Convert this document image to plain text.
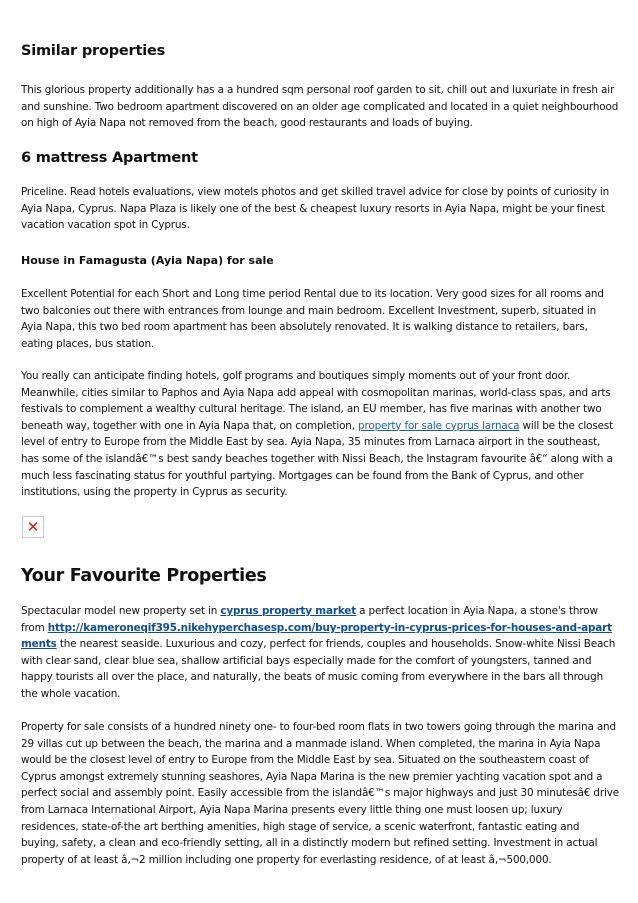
Similar properties

This glorious property additionally has a a hundred sqm personal roof garden to sit, chill out and luxuriate in fresh air and sunshine. Two bedroom apartment discovered on an older age complicated and located in a quiet neighbourhood on high of Ayia Napa not removed from the beach, good restaurants and loads of buying.

6 mattress Apartment

Priceline. Read hotels evaluations, view motels photos and get skilled travel advice for close by points of curiosity in Ayia Napa, Cyprus. Napa Plaza is likely one of the best & cheapest luxury resorts in Ayia Napa, might be your finest vacation vacation spot in Cyprus.

House in Famagusta (Ayia Napa) for sale

Excellent Potential for each Short and Long time period Rental due to its location. Very good sizes for all rooms and two balconies out there with entrances from lounge and main bedroom. Excellent Investment, superb, situated in Ayia Napa, this two bed room apartment has been absolutely renovated. It is walking distance to retailers, bars, eating places, bus station.

You really can anticipate finding hotels, golf programs and boutiques simply moments out of your front door. Meanwhile, cities similar to Paphos and Ayia Napa add appeal with cosmopolitan marinas, world-class spas, and arts festivals to complement a wealthy cultural heritage. The island, an EU member, has five marinas with another two beneath way, together with one in Ayia Napa that, on completion, property for sale cyprus larnaca will be the closest level of entry to Europe from the Middle East by sea. Ayia Napa, 35 minutes from Larnaca airport in the southeast, has some of the islandâ€™s best sandy beaches together with Nissi Beach, the Instagram favourite â€“ along with a much less fascinating status for youthful partying. Mortgages can be found from the Bank of Cyprus, and other institutions, using the property in Cyprus as security.

✕
Your Favourite Properties

Spectacular model new property set in cyprus property market a perfect location in Ayia Napa, a stone's throw from http://kameroneqif395.nikehyperchasesp.com/buy-property-in-cyprus-prices-for-houses-and-apartments the nearest seaside. Luxurious and cozy, perfect for friends, couples and households. Snow-white Nissi Beach with clear sand, clear blue sea, shallow artificial bays especially made for the comfort of youngsters, tanned and happy tourists all over the place, and naturally, the beats of music coming from everywhere in the bars all through the whole vacation.

Property for sale consists of a hundred ninety one- to four-bed room flats in two towers going through the marina and 29 villas cut up between the beach, the marina and a manmade island. When completed, the marina in Ayia Napa would be the closest level of entry to Europe from the Middle East by sea. Situated on the southeastern coast of Cyprus amongst extremely stunning seashores, Ayia Napa Marina is the new premier yachting vacation spot and a perfect social and assembly point. Easily accessible from the islandâ€™s major highways and just 30 minutesâ€ drive from Larnaca International Airport, Ayia Napa Marina presents every little thing one must loosen up; luxury residences, state-of-the art berthing amenities, high stage of service, a scenic waterfront, fantastic eating and buying, safety, a clean and eco-friendly setting, all in a distinctly modern but refined setting. Investment in actual property of at least â‚¬2 million including one property for everlasting residence, of at least â‚¬500,000.
